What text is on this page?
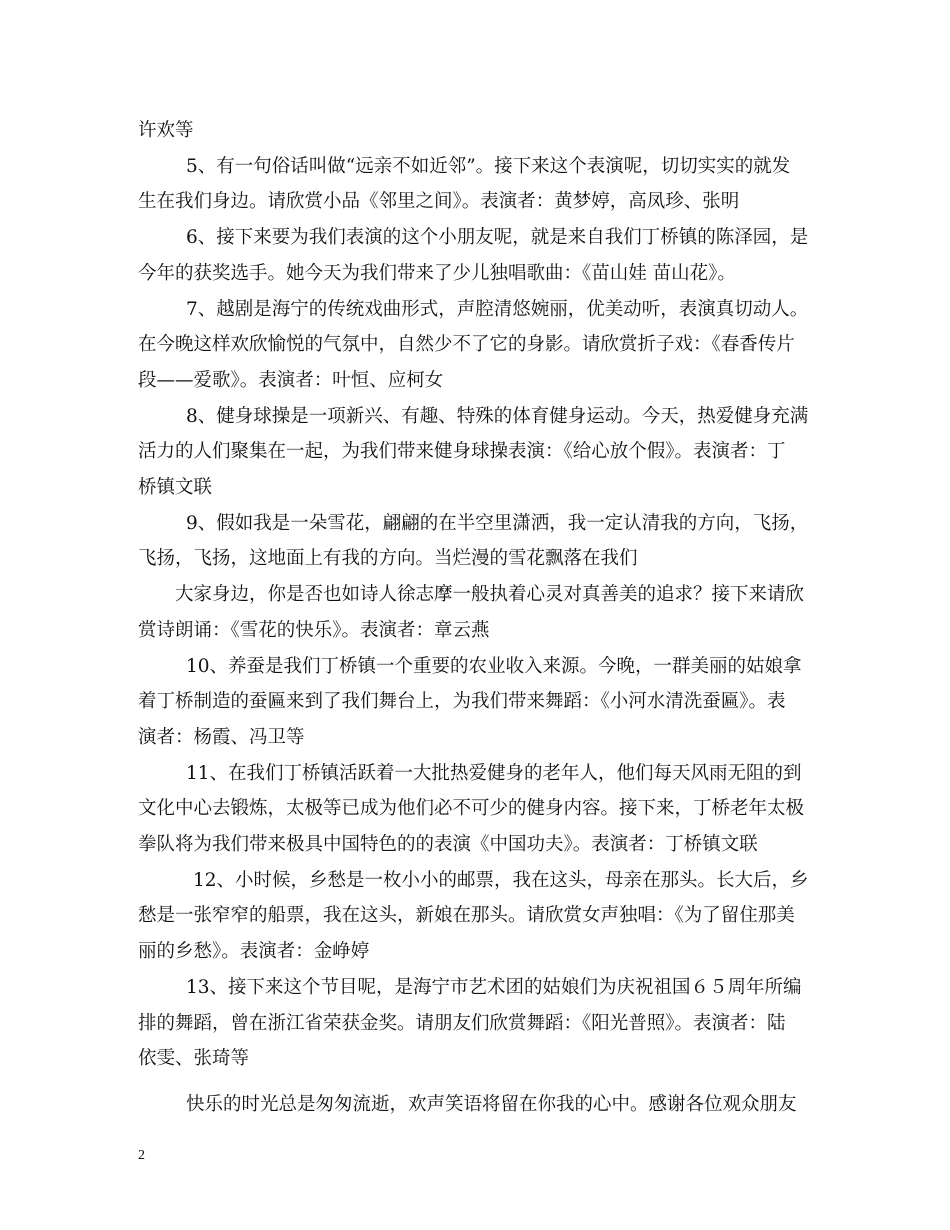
许欢等
5、有一句俗话叫做“远亲不如近邻”。接下来这个表演呢，切切实实的就发
生在我们身边。请欣赏小品《邻里之间》。表演者：黄梦婷，高凤珍、张明
6、接下来要为我们表演的这个小朋友呢，就是来自我们丁桥镇的陈泽园，是
今年的获奖选手。她今天为我们带来了少儿独唱歌曲：《苗山娃 苗山花》。
7、越剧是海宁的传统戏曲形式，声腔清悠婉丽，优美动听，表演真切动人。
在今晚这样欢欣愉悦的气氛中，自然少不了它的身影。请欣赏折子戏：《春香传片
段——爱歌》。表演者：叶恒、应柯女
8、健身球操是一项新兴、有趣、特殊的体育健身运动。今天，热爱健身充满
活力的人们聚集在一起，为我们带来健身球操表演：《给心放个假》。表演者：丁
桥镇文联
9、假如我是一朵雪花，翩翩的在半空里潇洒，我一定认清我的方向，飞扬，
飞扬，飞扬，这地面上有我的方向。当烂漫的雪花飘落在我们
大家身边，你是否也如诗人徐志摩一般执着心灵对真善美的追求？接下来请欣
赏诗朗诵：《雪花的快乐》。表演者：章云燕
10、养蚕是我们丁桥镇一个重要的农业收入来源。今晚，一群美丽的姑娘拿
着丁桥制造的蚕匾来到了我们舞台上，为我们带来舞蹈：《小河水清洗蚕匾》。表
演者：杨霞、冯卫等
11、在我们丁桥镇活跃着一大批热爱健身的老年人，他们每天风雨无阻的到
文化中心去锻炼，太极等已成为他们必不可少的健身内容。接下来，丁桥老年太极
拳队将为我们带来极具中国特色的的表演《中国功夫》。表演者：丁桥镇文联
12、小时候，乡愁是一枚小小的邮票，我在这头，母亲在那头。长大后，乡
愁是一张窄窄的船票，我在这头，新娘在那头。请欣赏女声独唱：《为了留住那美
丽的乡愁》。表演者：金峥婷
13、接下来这个节目呢，是海宁市艺术团的姑娘们为庆祝祖国６５周年所编
排的舞蹈，曾在浙江省荣获金奖。请朋友们欣赏舞蹈：《阳光普照》。表演者：陆
依雯、张琦等
快乐的时光总是匆匆流逝，欢声笑语将留在你我的心中。感谢各位观众朋友
2
